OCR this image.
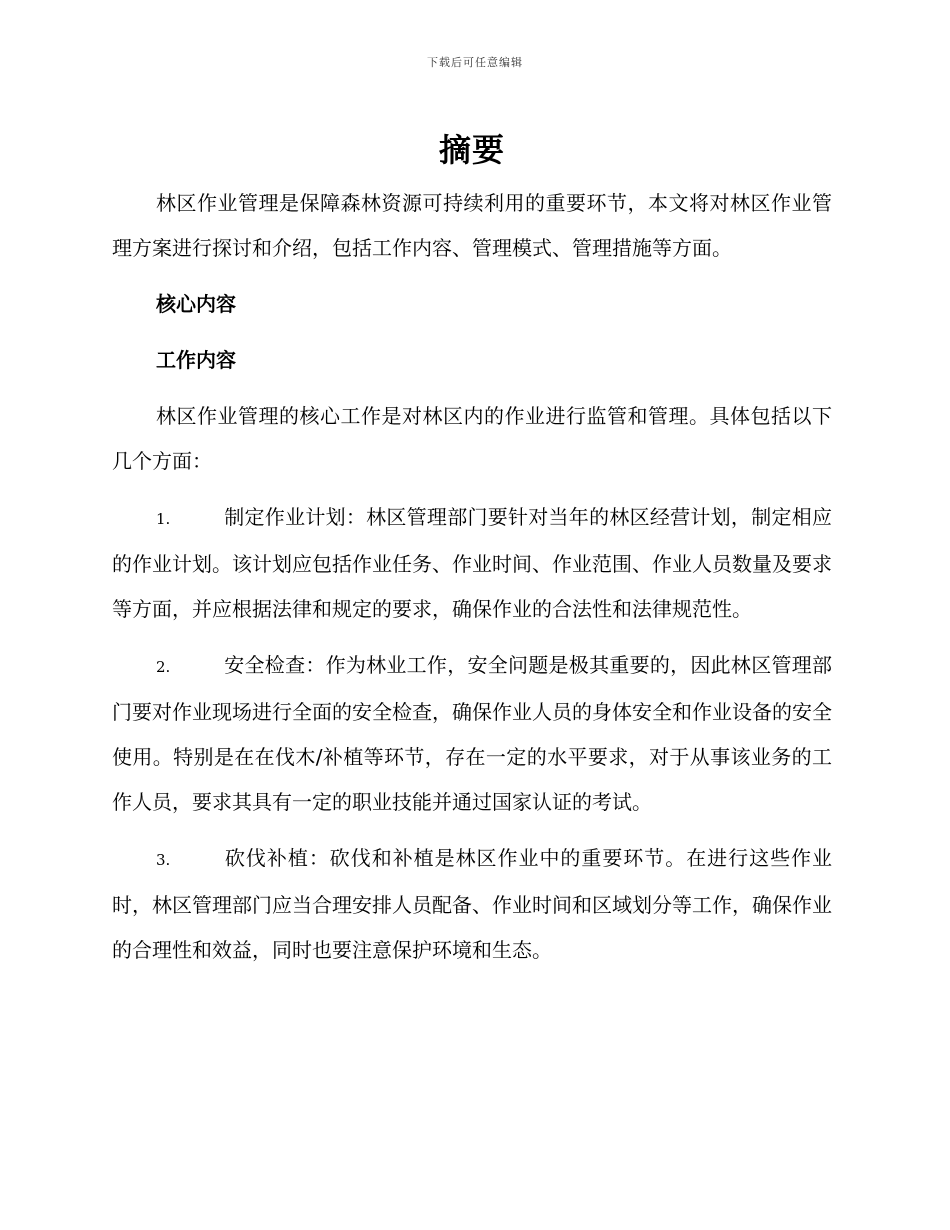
下载后可任意编辑
摘要

林区作业管理是保障森林资源可持续利用的重要环节，本文将对林区作业管理方案进行探讨和介绍，包括工作内容、管理模式、管理措施等方面。

核心内容
工作内容

林区作业管理的核心工作是对林区内的作业进行监管和管理。具体包括以下几个方面：

1.	制定作业计划：林区管理部门要针对当年的林区经营计划，制定相应的作业计划。该计划应包括作业任务、作业时间、作业范围、作业人员数量及要求等方面，并应根据法律和规定的要求，确保作业的合法性和法律规范性。

2.	安全检查：作为林业工作，安全问题是极其重要的，因此林区管理部门要对作业现场进行全面的安全检查，确保作业人员的身体安全和作业设备的安全使用。特别是在在伐木/补植等环节，存在一定的水平要求，对于从事该业务的工作人员，要求其具有一定的职业技能并通过国家认证的考试。

3.	砍伐补植：砍伐和补植是林区作业中的重要环节。在进行这些作业时，林区管理部门应当合理安排人员配备、作业时间和区域划分等工作，确保作业的合理性和效益，同时也要注意保护环境和生态。
